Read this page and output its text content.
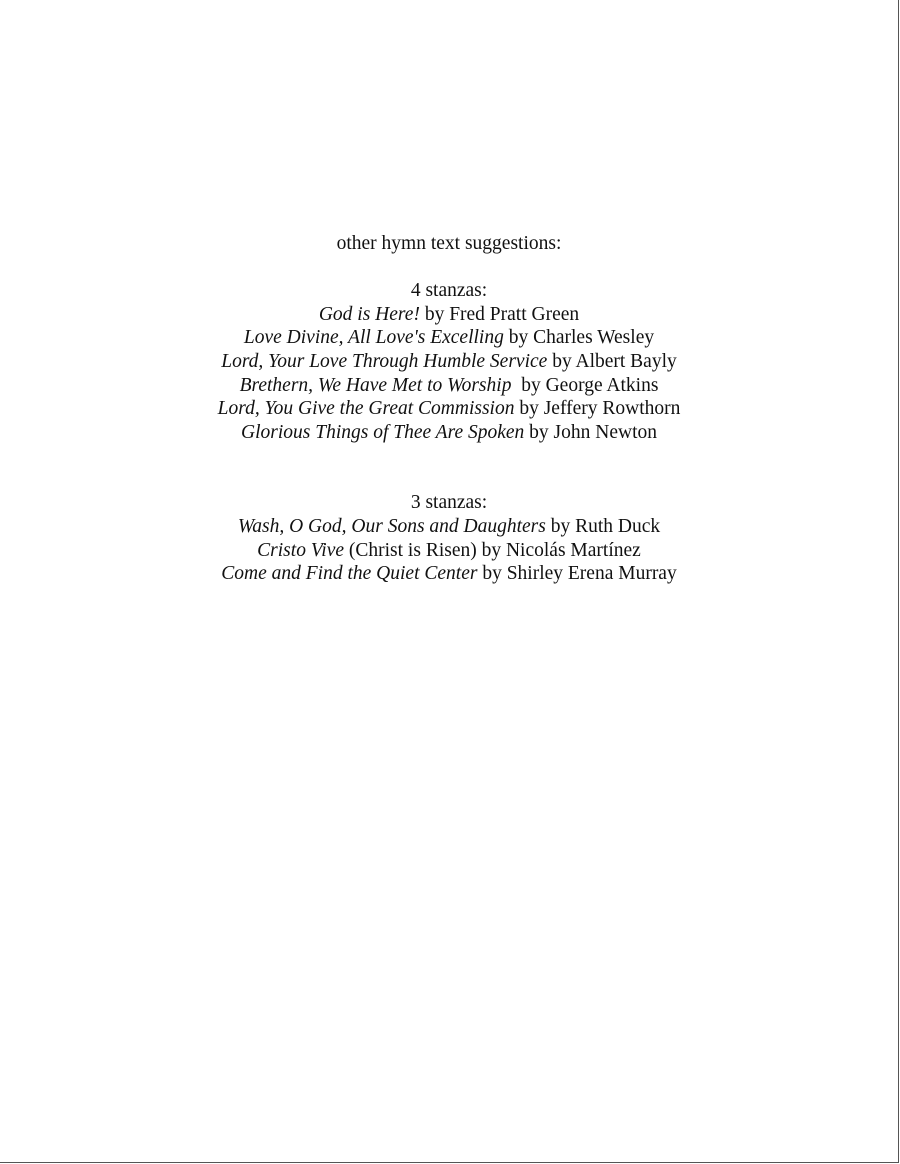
other hymn text suggestions:

4 stanzas:

God is Here! by Fred Pratt Green

Love Divine, All Love's Excelling by Charles Wesley

Lord, Your Love Through Humble Service by Albert Bayly

Brethern, We Have Met to Worship  by George Atkins

Lord, You Give the Great Commission by Jeffery Rowthorn

Glorious Things of Thee Are Spoken by John Newton

3 stanzas:

Wash, O God, Our Sons and Daughters by Ruth Duck

Cristo Vive (Christ is Risen) by Nicolás Martínez

Come and Find the Quiet Center by Shirley Erena Murray
